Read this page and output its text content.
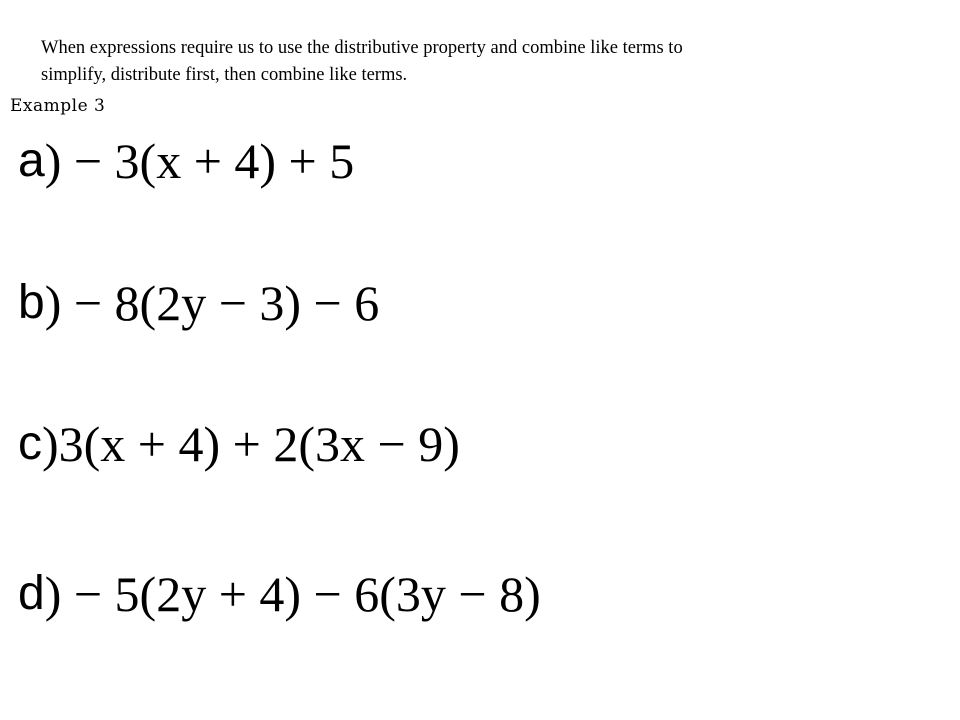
When expressions require us to use the distributive property and combine like terms to
simplify, distribute first, then combine like terms.

Example 3

a ) − 3(x + 4) + 5
b ) − 8(2y − 3) − 6
c )3(x + 4) + 2(3x − 9)
d ) − 5(2y + 4) − 6(3y − 8)
